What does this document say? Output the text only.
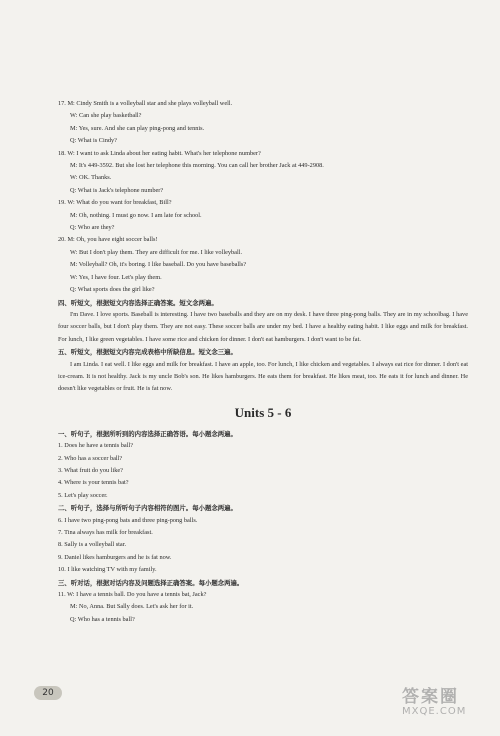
17. M: Cindy Smith is a volleyball star and she plays volleyball well.
W: Can she play basketball?
M: Yes, sure. And she can play ping-pong and tennis.
Q: What is Cindy?
18. W: I want to ask Linda about her eating habit. What's her telephone number?
M: It's 449-3592. But she lost her telephone this morning. You can call her brother Jack at 449-2908.
W: OK. Thanks.
Q: What is Jack's telephone number?
19. W: What do you want for breakfast, Bill?
M: Oh, nothing. I must go now. I am late for school.
Q: Who are they?
20. M: Oh, you have eight soccer balls!
W: But I don't play them. They are difficult for me. I like volleyball.
M: Volleyball? Oh, it's boring. I like baseball. Do you have baseballs?
W: Yes, I have four. Let's play them.
Q: What sports does the girl like?
四、听短文，根据短文内容选择正确答案。短文念两遍。
I'm Dave. I love sports. Baseball is interesting. I have two baseballs and they are on my desk. I have three ping-pong balls. They are in my schoolbag. I have four soccer balls, but I don't play them. They are not easy. These soccer balls are under my bed. I have a healthy eating habit. I like eggs and milk for breakfast. For lunch, I like green vegetables. I have some rice and chicken for dinner. I don't eat hamburgers. I don't want to be fat.
五、听短文，根据短文内容完成表格中所缺信息。短文念三遍。
I am Linda. I eat well. I like eggs and milk for breakfast. I have an apple, too. For lunch, I like chicken and vegetables. I always eat rice for dinner. I don't eat ice-cream. It is not healthy. Jack is my uncle Bob's son. He likes hamburgers. He eats them for breakfast. He likes meat, too. He eats it for lunch and dinner. He doesn't like vegetables or fruit. He is fat now.
Units 5 - 6
一、听句子，根据所听到的内容选择正确答语。每小题念两遍。
1. Does he have a tennis ball?
2. Who has a soccer ball?
3. What fruit do you like?
4. Where is your tennis bat?
5. Let's play soccer.
二、听句子，选择与所听句子内容相符的图片。每小题念两遍。
6. I have two ping-pong bats and three ping-pong balls.
7. Tina always has milk for breakfast.
8. Sally is a volleyball star.
9. Daniel likes hamburgers and he is fat now.
10. I like watching TV with my family.
三、听对话，根据对话内容及问题选择正确答案。每小题念两遍。
11. W: I have a tennis ball. Do you have a tennis bat, Jack?
M: No, Anna. But Sally does. Let's ask her for it.
Q: Who has a tennis ball?
20	答案圈
MXQE.COM
